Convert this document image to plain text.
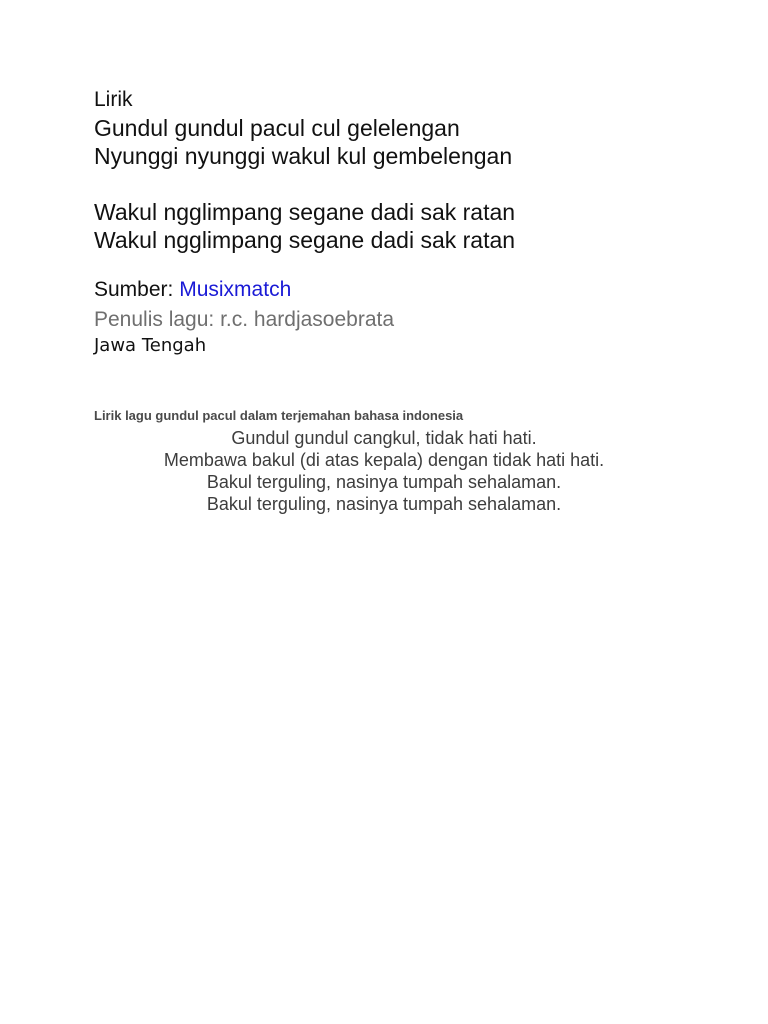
Lirik
Gundul gundul pacul cul gelelengan
Nyunggi nyunggi wakul kul gembelengan
Wakul ngglimpang segane dadi sak ratan
Wakul ngglimpang segane dadi sak ratan
Sumber: Musixmatch
Penulis lagu: r.c. hardjasoebrata
Jawa Tengah
Lirik lagu gundul pacul dalam terjemahan bahasa indonesia
Gundul gundul cangkul, tidak hati hati.
Membawa bakul (di atas kepala) dengan tidak hati hati.
Bakul terguling, nasinya tumpah sehalaman.
Bakul terguling, nasinya tumpah sehalaman.
